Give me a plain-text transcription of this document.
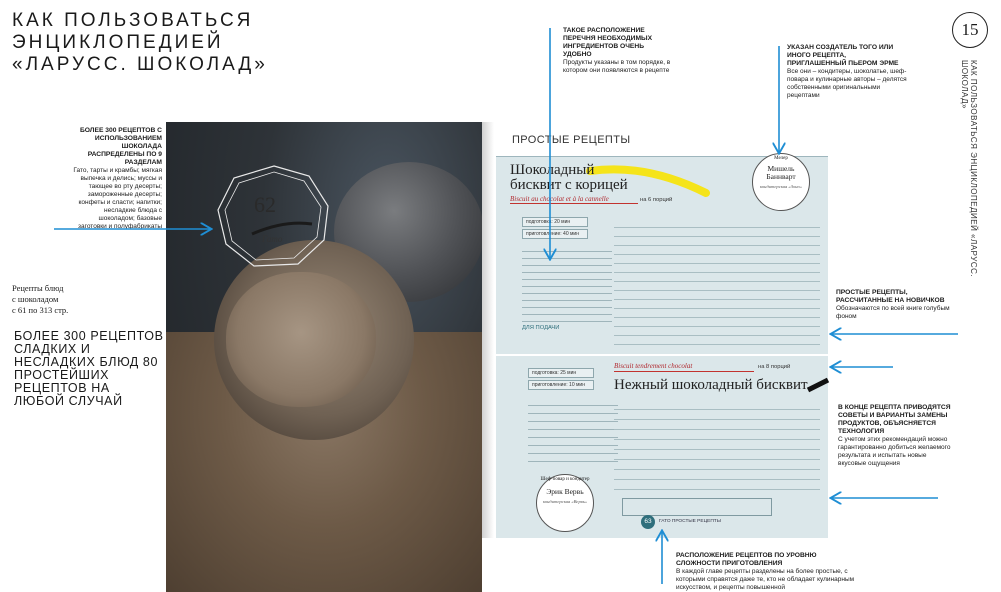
КАК ПОЛЬЗОВАТЬСЯ ЭНЦИКЛОПЕДИЕЙ «ЛАРУСС. ШОКОЛАД»
15
КАК ПОЛЬЗОВАТЬСЯ ЭНЦИКЛОПЕДИЕЙ «ЛАРУСС. ШОКОЛАД»
БОЛЕЕ 300 РЕЦЕПТОВ С ИСПОЛЬЗОВАНИЕМ ШОКОЛАДА РАСПРЕДЕЛЕНЫ ПО 9 РАЗДЕЛАМ
Гато, тарты и крамбы; мягкая выпечка и делись; муссы и тающее во рту десерты; замороженные десерты; конфеты и сласти; напитки; несладкие блюда с шоколадом; базовые заготовки и полуфабрикаты
ТАКОЕ РАСПОЛОЖЕНИЕ ПЕРЕЧНЯ НЕОБХОДИМЫХ ИНГРЕДИЕНТОВ ОЧЕНЬ УДОБНО
Продукты указаны в том порядке, в котором они появляются в рецепте
УКАЗАН СОЗДАТЕЛЬ ТОГО ИЛИ ИНОГО РЕЦЕПТА, ПРИГЛАШЕННЫЙ ПЬЕРОМ ЭРМЕ
Все они – кондитеры, шоколатье, шеф-повара и кулинарные авторы – делятся собственными оригинальными рецептами
ПРОСТЫЕ РЕЦЕПТЫ, РАССЧИТАННЫЕ НА НОВИЧКОВ
Обозначаются по всей книге голубым фоном
В КОНЦЕ РЕЦЕПТА ПРИВОДЯТСЯ СОВЕТЫ И ВАРИАНТЫ ЗАМЕНЫ ПРОДУКТОВ, ОБЪЯСНЯЕТСЯ ТЕХНОЛОГИЯ
С учетом этих рекомендаций можно гарантированно добиться желаемого результата и испытать новые вкусовые ощущения
РАСПОЛОЖЕНИЕ РЕЦЕПТОВ ПО УРОВНЮ СЛОЖНОСТИ ПРИГОТОВЛЕНИЯ
В каждой главе рецепты разделены на более простые, с которыми справятся даже те, кто не обладает кулинарным искусством, и рецепты повышенной
Рецепты блюд
с шоколадом
с 61 по 313 стр.
БОЛЕЕ 300 РЕЦЕПТОВ СЛАДКИХ И НЕСЛАДКИХ БЛЮД 80 ПРОСТЕЙШИХ РЕЦЕПТОВ НА ЛЮБОЙ СЛУЧАЙ
62
Гато
ПРОСТЫЕ РЕЦЕПТЫ
Шоколадный
бисквит с корицей
Biscuit au chocolat et à la cannelle	на 6 порций
подготовка: 20 мин
приготовление: 40 мин
ДЛЯ ПОДАЧИ
Мелер
Мишель Баннварт
кондитерская «Зоно»
подготовка: 25 мин
приготовление: 10 мин
Biscuit tendrement chocolat	на 8 порций
Нежный шоколадный бисквит
Шеф-повар и кондитер
Эрик Вервь
кондитерская «Вервь»
63	ГАТО ПРОСТЫЕ РЕЦЕПТЫ
